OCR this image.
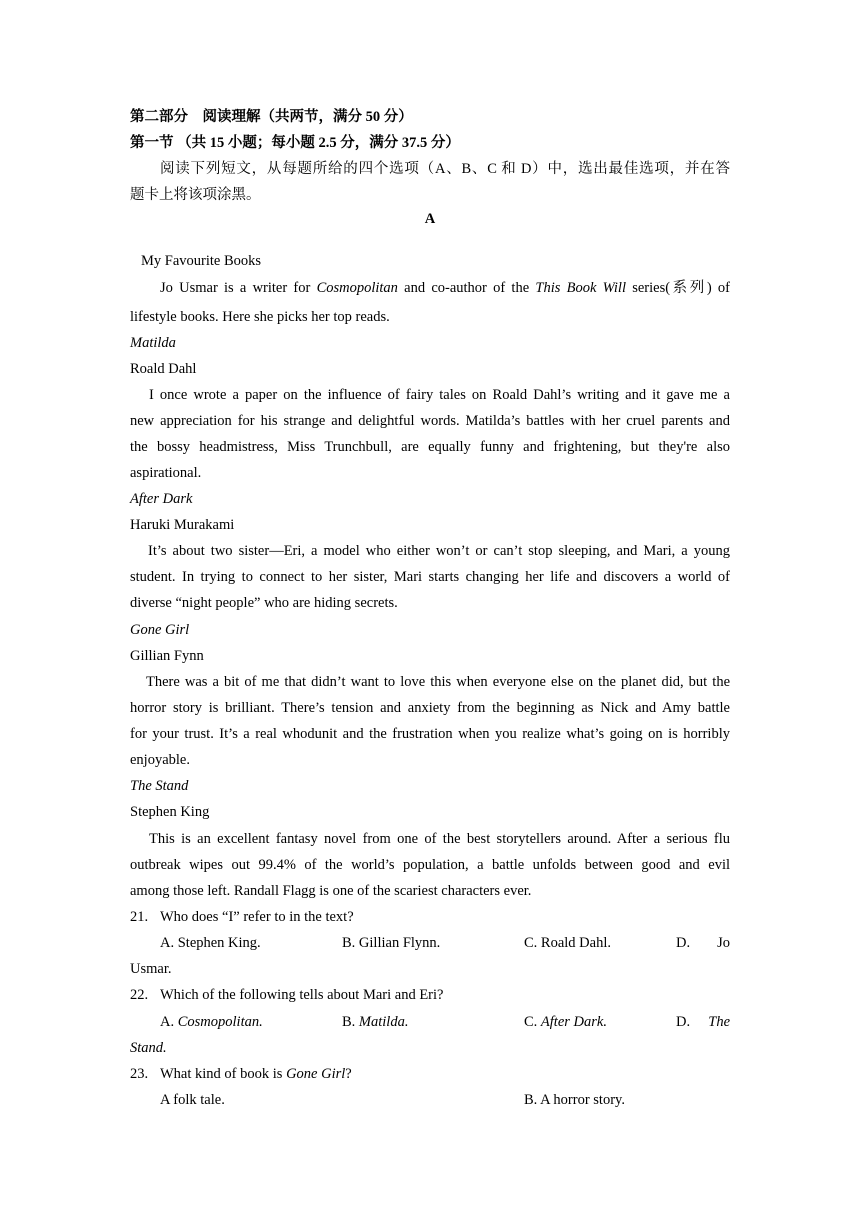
第二部分　阅读理解（共两节，满分 50 分）
第一节 （共 15 小题；每小题 2.5 分，满分 37.5 分）
阅读下列短文，从每题所给的四个选项（A、B、C 和 D）中，选出最佳选项，并在答
题卡上将该项涂黑。
A
My Favourite Books
Jo Usmar is a writer for Cosmopolitan and co-author of the This Book Will series(系列) of
lifestyle books. Here she picks her top reads.
Matilda
Roald Dahl
I once wrote a paper on the influence of fairy tales on Roald Dahl’s writing and it gave me a
new appreciation for his strange and delightful words. Matilda’s battles with her cruel parents and
the bossy headmistress, Miss Trunchbull, are equally funny and frightening, but they're also
aspirational.
After Dark
Haruki Murakami
It’s about two sister—Eri, a model who either won’t or can’t stop sleeping, and Mari, a young
student. In trying to connect to her sister, Mari starts changing her life and discovers a world of
diverse “night people” who are hiding secrets.
Gone Girl
Gillian Fynn
There was a bit of me that didn’t want to love this when everyone else on the planet did, but the
horror story is brilliant. There’s tension and anxiety from the beginning as Nick and Amy battle
for your trust. It’s a real whodunit and the frustration when you realize what’s going on is horribly
enjoyable.
The Stand
Stephen King
This is an excellent fantasy novel from one of the best storytellers around. After a serious flu
outbreak wipes out 99.4% of the world’s population, a battle unfolds between good and evil
among those left. Randall Flagg is one of the scariest characters ever.
21. Who does “I” refer to in the text?
A. Stephen King.	B. Gillian Flynn.	C. Roald Dahl.	D.	Jo
Usmar.
22. Which of the following tells about Mari and Eri?
A. Cosmopolitan.	B. Matilda.	C. After Dark.	D.	The
Stand.
23. What kind of book is Gone Girl?
A folk tale.	B. A horror story.
